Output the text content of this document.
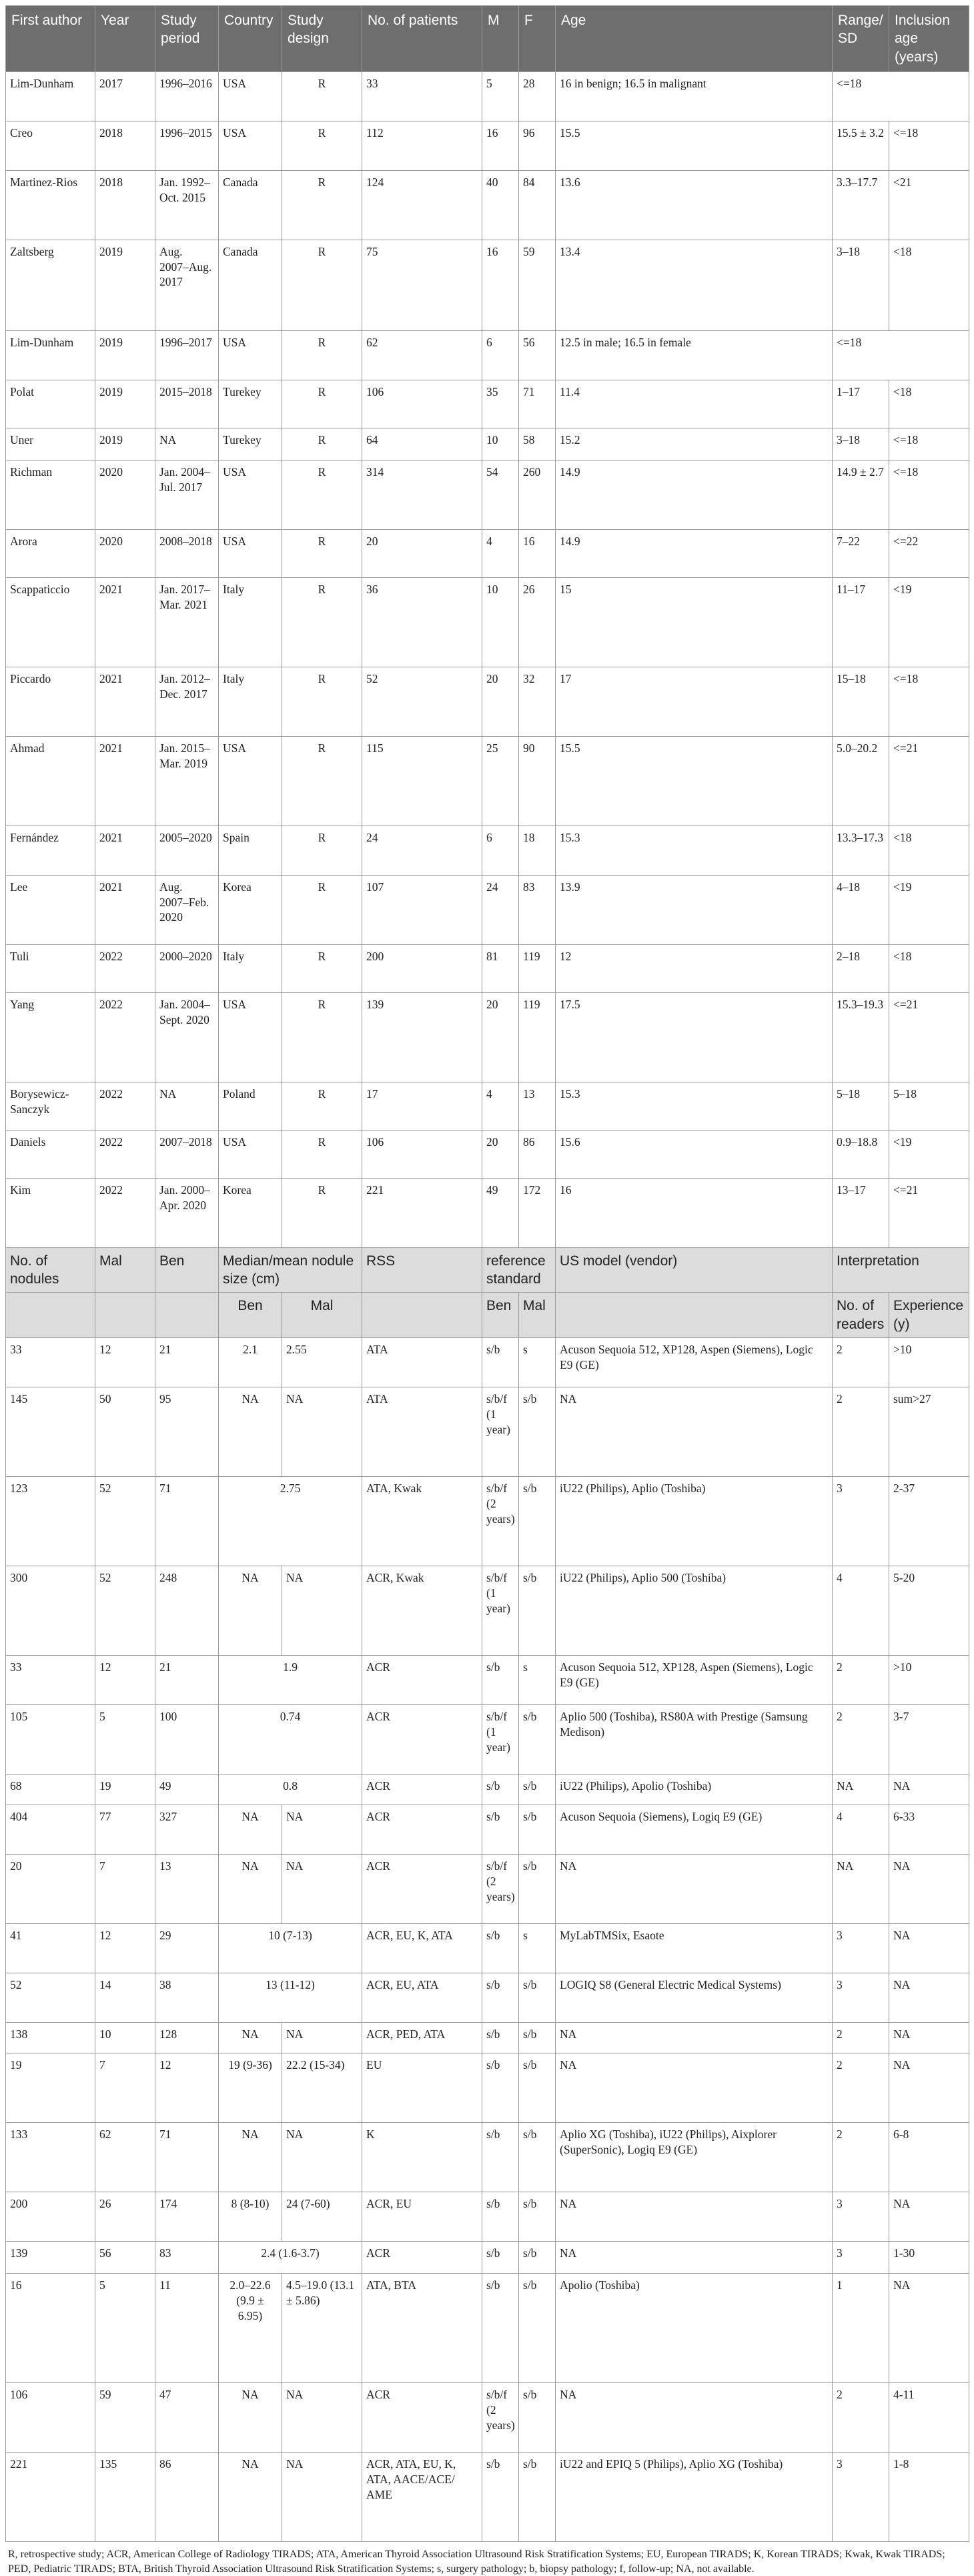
First author	Year	Study period	Country	Study design	No. of patients	M	F	Age	Range/ SD	Inclusion age (years)
Lim-Dunham	2017	1996–2016	USA	R	33	5	28	16 in benign; 16.5 in malignant	<=18	
Creo	2018	1996–2015	USA	R	112	16	96	15.5	15.5 ± 3.2	<=18
Martinez-Rios	2018	Jan. 1992–Oct. 2015	Canada	R	124	40	84	13.6	3.3–17.7	<21
Zaltsberg	2019	Aug. 2007–Aug. 2017	Canada	R	75	16	59	13.4	3–18	<18
Lim-Dunham	2019	1996–2017	USA	R	62	6	56	12.5 in male; 16.5 in female	<=18	
Polat	2019	2015–2018	Turekey	R	106	35	71	11.4	1–17	<18
Uner	2019	NA	Turekey	R	64	10	58	15.2	3–18	<=18
Richman	2020	Jan. 2004–Jul. 2017	USA	R	314	54	260	14.9	14.9 ± 2.7	<=18
Arora	2020	2008–2018	USA	R	20	4	16	14.9	7–22	<=22
Scappaticcio	2021	Jan. 2017–Mar. 2021	Italy	R	36	10	26	15	11–17	<19
Piccardo	2021	Jan. 2012–Dec. 2017	Italy	R	52	20	32	17	15–18	<=18
Ahmad	2021	Jan. 2015–Mar. 2019	USA	R	115	25	90	15.5	5.0–20.2	<=21
Fernández	2021	2005–2020	Spain	R	24	6	18	15.3	13.3–17.3	<18
Lee	2021	Aug. 2007–Feb. 2020	Korea	R	107	24	83	13.9	4–18	<19
Tuli	2022	2000–2020	Italy	R	200	81	119	12	2–18	<18
Yang	2022	Jan. 2004–Sept. 2020	USA	R	139	20	119	17.5	15.3–19.3	<=21
Borysewicz-Sanczyk	2022	NA	Poland	R	17	4	13	15.3	5–18	5–18
Daniels	2022	2007–2018	USA	R	106	20	86	15.6	0.9–18.8	<19
Kim	2022	Jan. 2000–Apr. 2020	Korea	R	221	49	172	16	13–17	<=21
No. of nodules	Mal	Ben	Median/mean nodule size (cm)		RSS	reference standard		US model (vendor)	Interpretation	
			Ben	Mal		Ben	Mal		No. of readers	Experience (y)
33	12	21	2.1	2.55	ATA	s/b	s	Acuson Sequoia 512, XP128, Aspen (Siemens), Logic E9 (GE)	2	>10
145	50	95	NA	NA	ATA	s/b/f (1 year)	s/b	NA	2	sum>27
123	52	71	2.75		ATA, Kwak	s/b/f (2 years)	s/b	iU22 (Philips), Aplio (Toshiba)	3	2-37
300	52	248	NA	NA	ACR, Kwak	s/b/f (1 year)	s/b	iU22 (Philips), Aplio 500 (Toshiba)	4	5-20
33	12	21	1.9		ACR	s/b	s	Acuson Sequoia 512, XP128, Aspen (Siemens), Logic E9 (GE)	2	>10
105	5	100	0.74		ACR	s/b/f (1 year)	s/b	Aplio 500 (Toshiba), RS80A with Prestige (Samsung Medison)	2	3-7
68	19	49	0.8		ACR	s/b	s/b	iU22 (Philips), Apolio (Toshiba)	NA	NA
404	77	327	NA	NA	ACR	s/b	s/b	Acuson Sequoia (Siemens), Logiq E9 (GE)	4	6-33
20	7	13	NA	NA	ACR	s/b/f (2 years)	s/b	NA	NA	NA
41	12	29	10 (7-13)		ACR, EU, K, ATA	s/b	s	MyLabTMSix, Esaote	3	NA
52	14	38	13 (11-12)		ACR, EU, ATA	s/b	s/b	LOGIQ S8 (General Electric Medical Systems)	3	NA
138	10	128	NA	NA	ACR, PED, ATA	s/b	s/b	NA	2	NA
19	7	12	19 (9-36)	22.2 (15-34)	EU	s/b	s/b	NA	2	NA
133	62	71	NA	NA	K	s/b	s/b	Aplio XG (Toshiba), iU22 (Philips), Aixplorer (SuperSonic), Logiq E9 (GE)	2	6-8
200	26	174	8 (8-10)	24 (7-60)	ACR, EU	s/b	s/b	NA	3	NA
139	56	83	2.4 (1.6-3.7)		ACR	s/b	s/b	NA	3	1-30
16	5	11	2.0–22.6 (9.9 ± 6.95)	4.5–19.0 (13.1 ± 5.86)	ATA, BTA	s/b	s/b	Apolio (Toshiba)	1	NA
106	59	47	NA	NA	ACR	s/b/f (2 years)	s/b	NA	2	4-11
221	135	86	NA	NA	ACR, ATA, EU, K, ATA, AACE/ACE/ AME	s/b	s/b	iU22 and EPIQ 5 (Philips), Aplio XG (Toshiba)	3	1-8
R, retrospective study; ACR, American College of Radiology TIRADS; ATA, American Thyroid Association Ultrasound Risk Stratification Systems; EU, European TIRADS; K, Korean TIRADS; Kwak, Kwak TIRADS; PED, Pediatric TIRADS; BTA, British Thyroid Association Ultrasound Risk Stratification Systems; s, surgery pathology; b, biopsy pathology; f, follow-up; NA, not available.
